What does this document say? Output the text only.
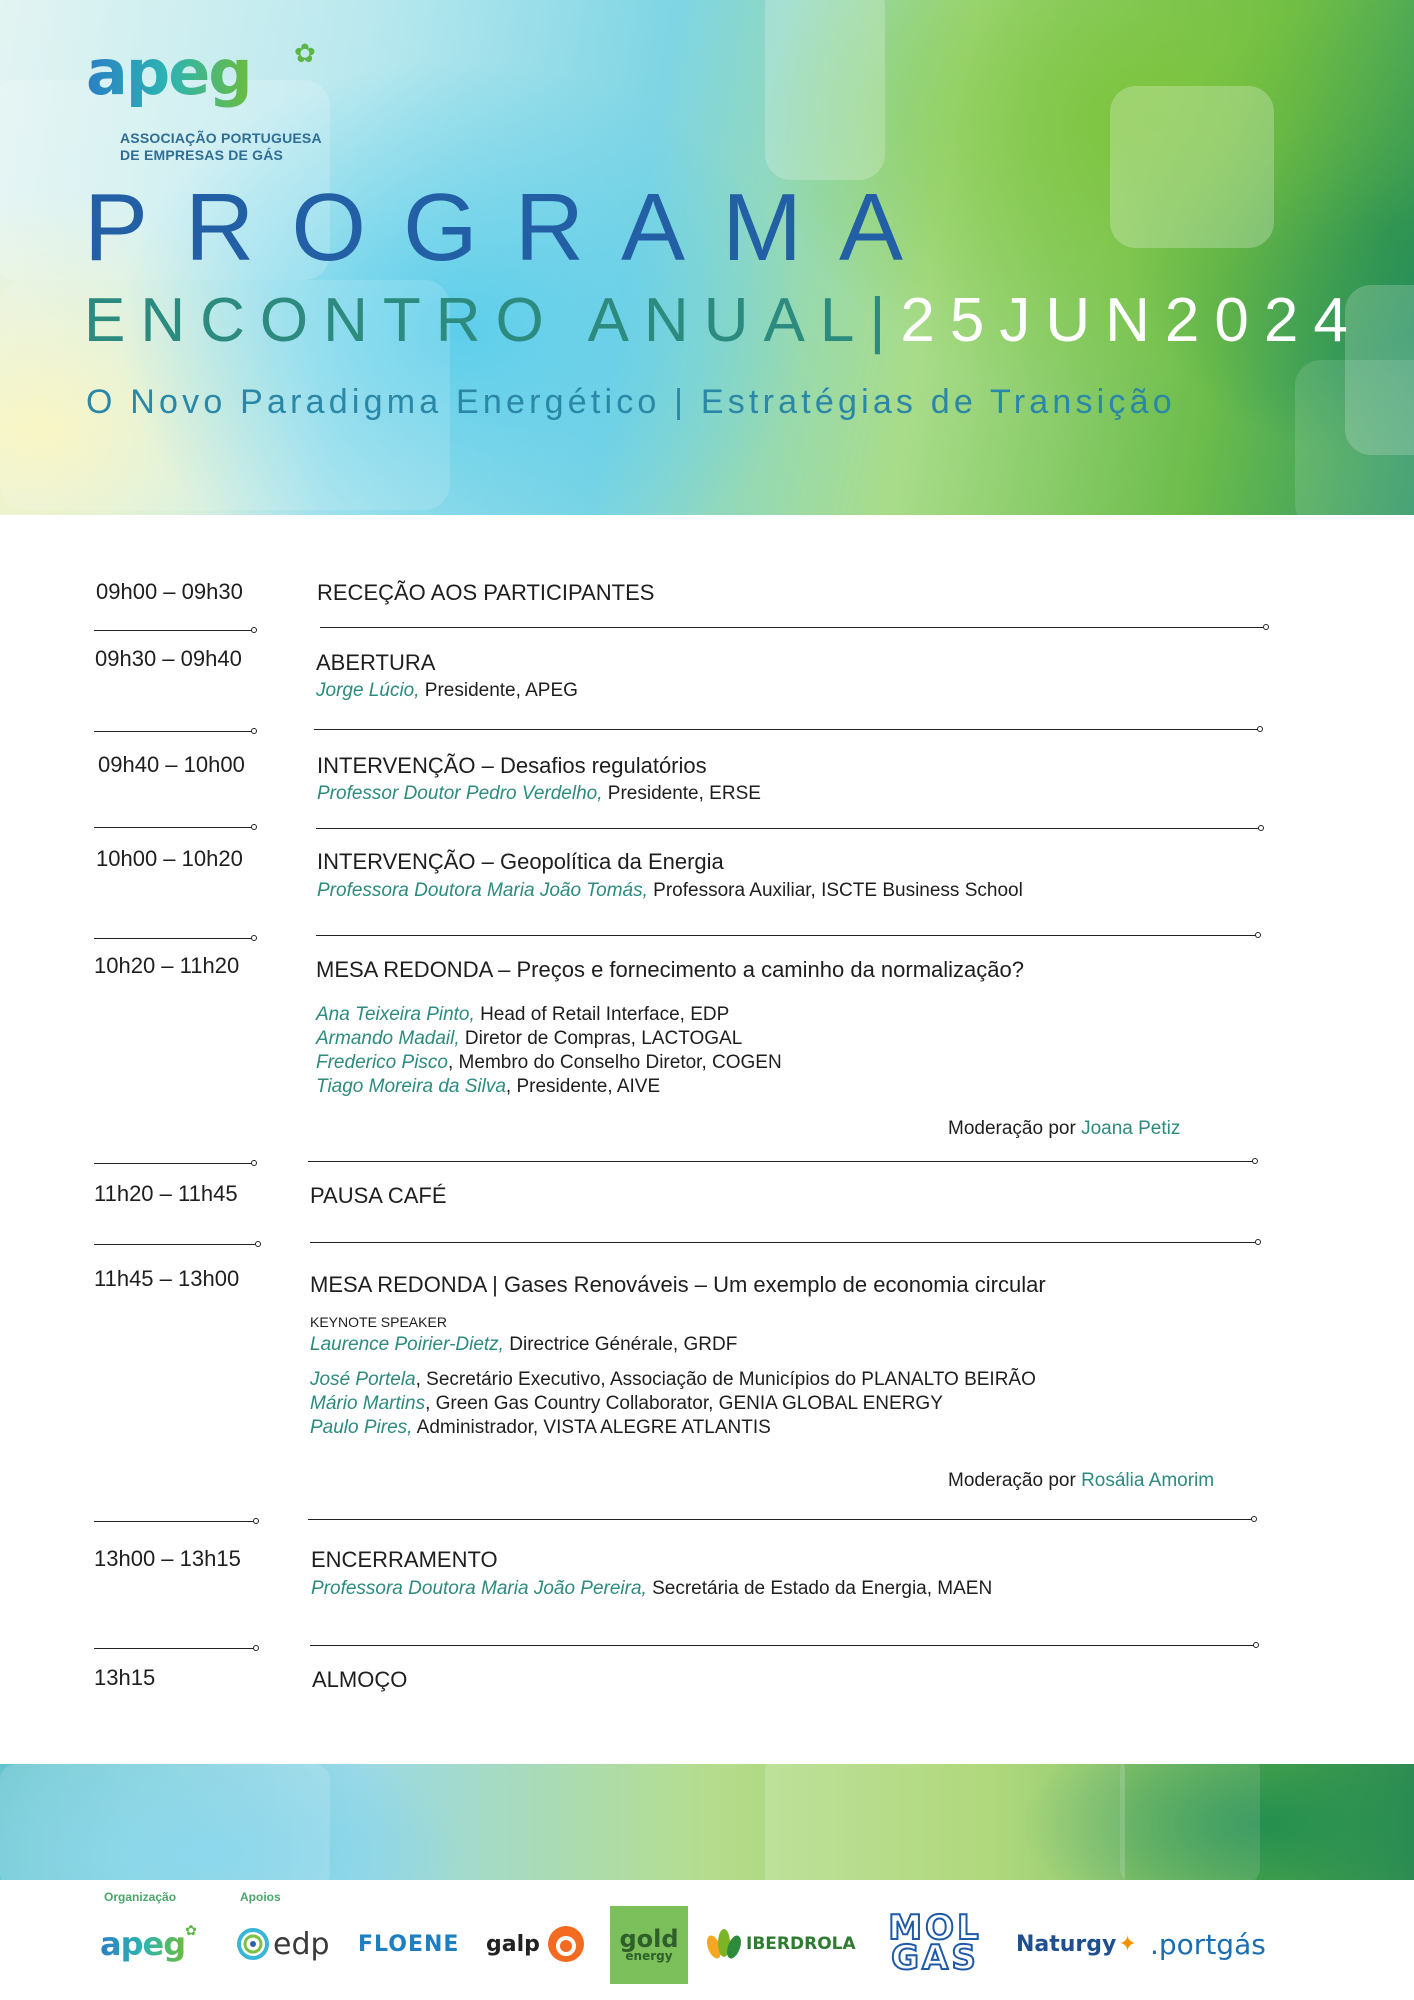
apeg ✿
ASSOCIAÇÃO PORTUGUESA
DE EMPRESAS DE GÁS
PROGRAMA
ENCONTRO ANUAL|25JUN2024
O Novo Paradigma Energético | Estratégias de Transição
09h00 – 09h30	RECEÇÃO AOS PARTICIPANTES
09h30 – 09h40	ABERTURA
Jorge Lúcio, Presidente, APEG
09h40 – 10h00	INTERVENÇÃO – Desafios regulatórios
Professor Doutor Pedro Verdelho, Presidente, ERSE
10h00 – 10h20	INTERVENÇÃO – Geopolítica da Energia
Professora Doutora Maria João Tomás, Professora Auxiliar, ISCTE Business School
10h20 – 11h20	MESA REDONDA – Preços e fornecimento a caminho da normalização?
Ana Teixeira Pinto, Head of Retail Interface, EDP
Armando Madail, Diretor de Compras, LACTOGAL
Frederico Pisco, Membro do Conselho Diretor, COGEN
Tiago Moreira da Silva, Presidente, AIVE
Moderação por Joana Petiz
11h20 – 11h45	PAUSA CAFÉ
11h45 – 13h00	MESA REDONDA | Gases Renováveis – Um exemplo de economia circular
KEYNOTE SPEAKER
Laurence Poirier-Dietz, Directrice Générale, GRDF
José Portela, Secretário Executivo, Associação de Municípios do PLANALTO BEIRÃO
Mário Martins, Green Gas Country Collaborator, GENIA GLOBAL ENERGY
Paulo Pires, Administrador, VISTA ALEGRE ATLANTIS
Moderação por Rosália Amorim
13h00 – 13h15	ENCERRAMENTO
Professora Doutora Maria João Pereira, Secretária de Estado da Energia, MAEN
13h15	ALMOÇO
Organização	Apoios
apeg ✿	edp FLOENE galp	gold
energy
IBERDROLA MOL
GAS Naturgy ✦ .portgás
